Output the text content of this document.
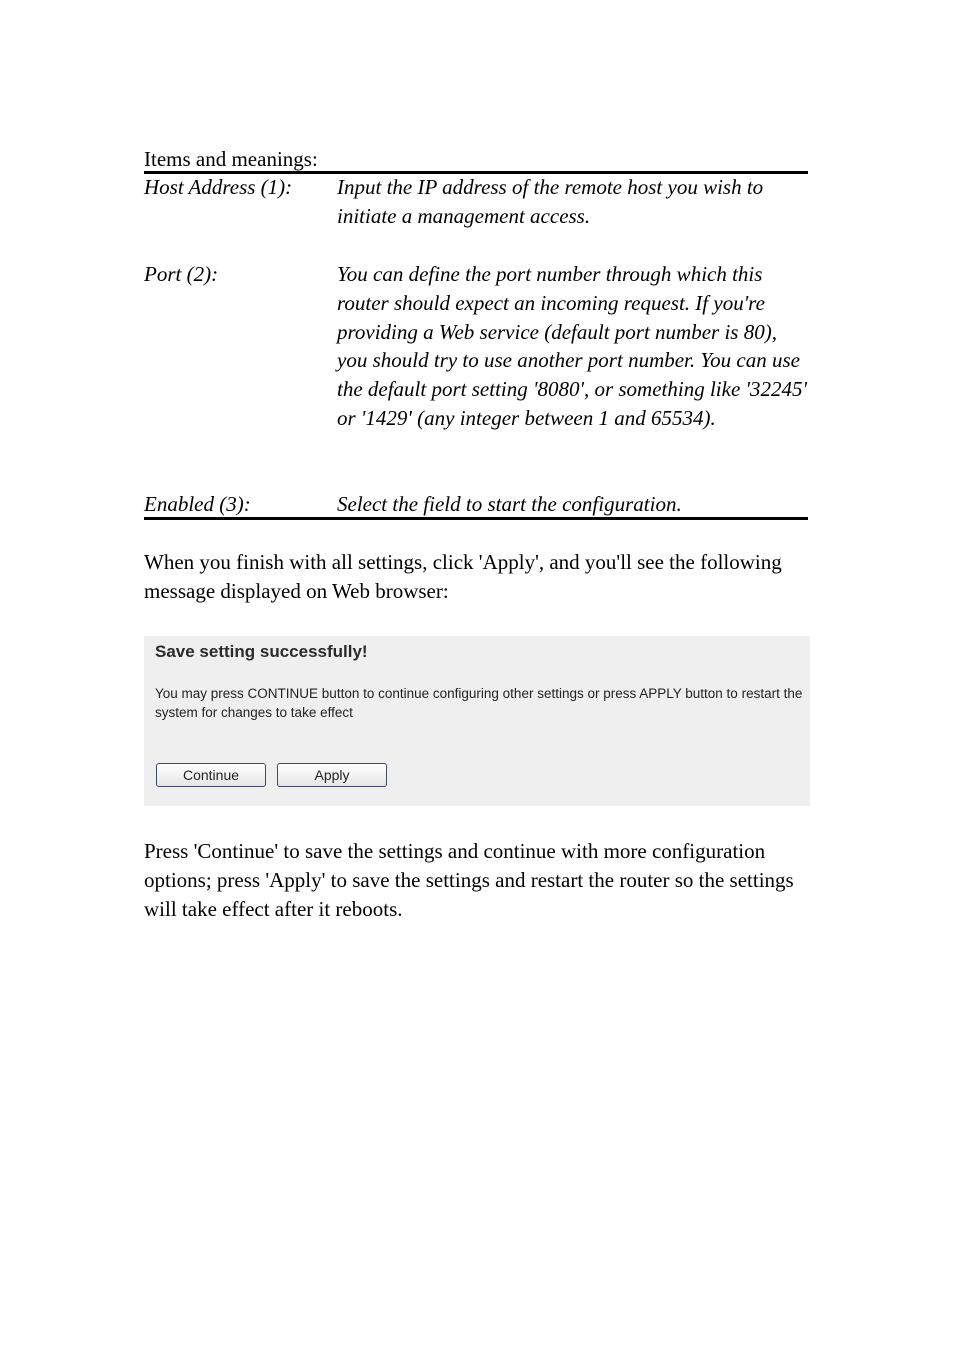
Items and meanings:
Host Address (1): Input the IP address of the remote host you wish to initiate a management access.
Port (2):	You can define the port number through which this router should expect an incoming request. If you're providing a Web service (default port number is 80), you should try to use another port number. You can use the default port setting '8080', or something like '32245' or '1429' (any integer between 1 and 65534).
Enabled (3):	Select the field to start the configuration.
When you finish with all settings, click 'Apply', and you'll see the following message displayed on Web browser:
Save setting successfully!
You may press CONTINUE button to continue configuring other settings or press APPLY button to restart the system for changes to take effect
Continue	Apply
Press 'Continue' to save the settings and continue with more configuration options; press 'Apply' to save the settings and restart the router so the settings will take effect after it reboots.
